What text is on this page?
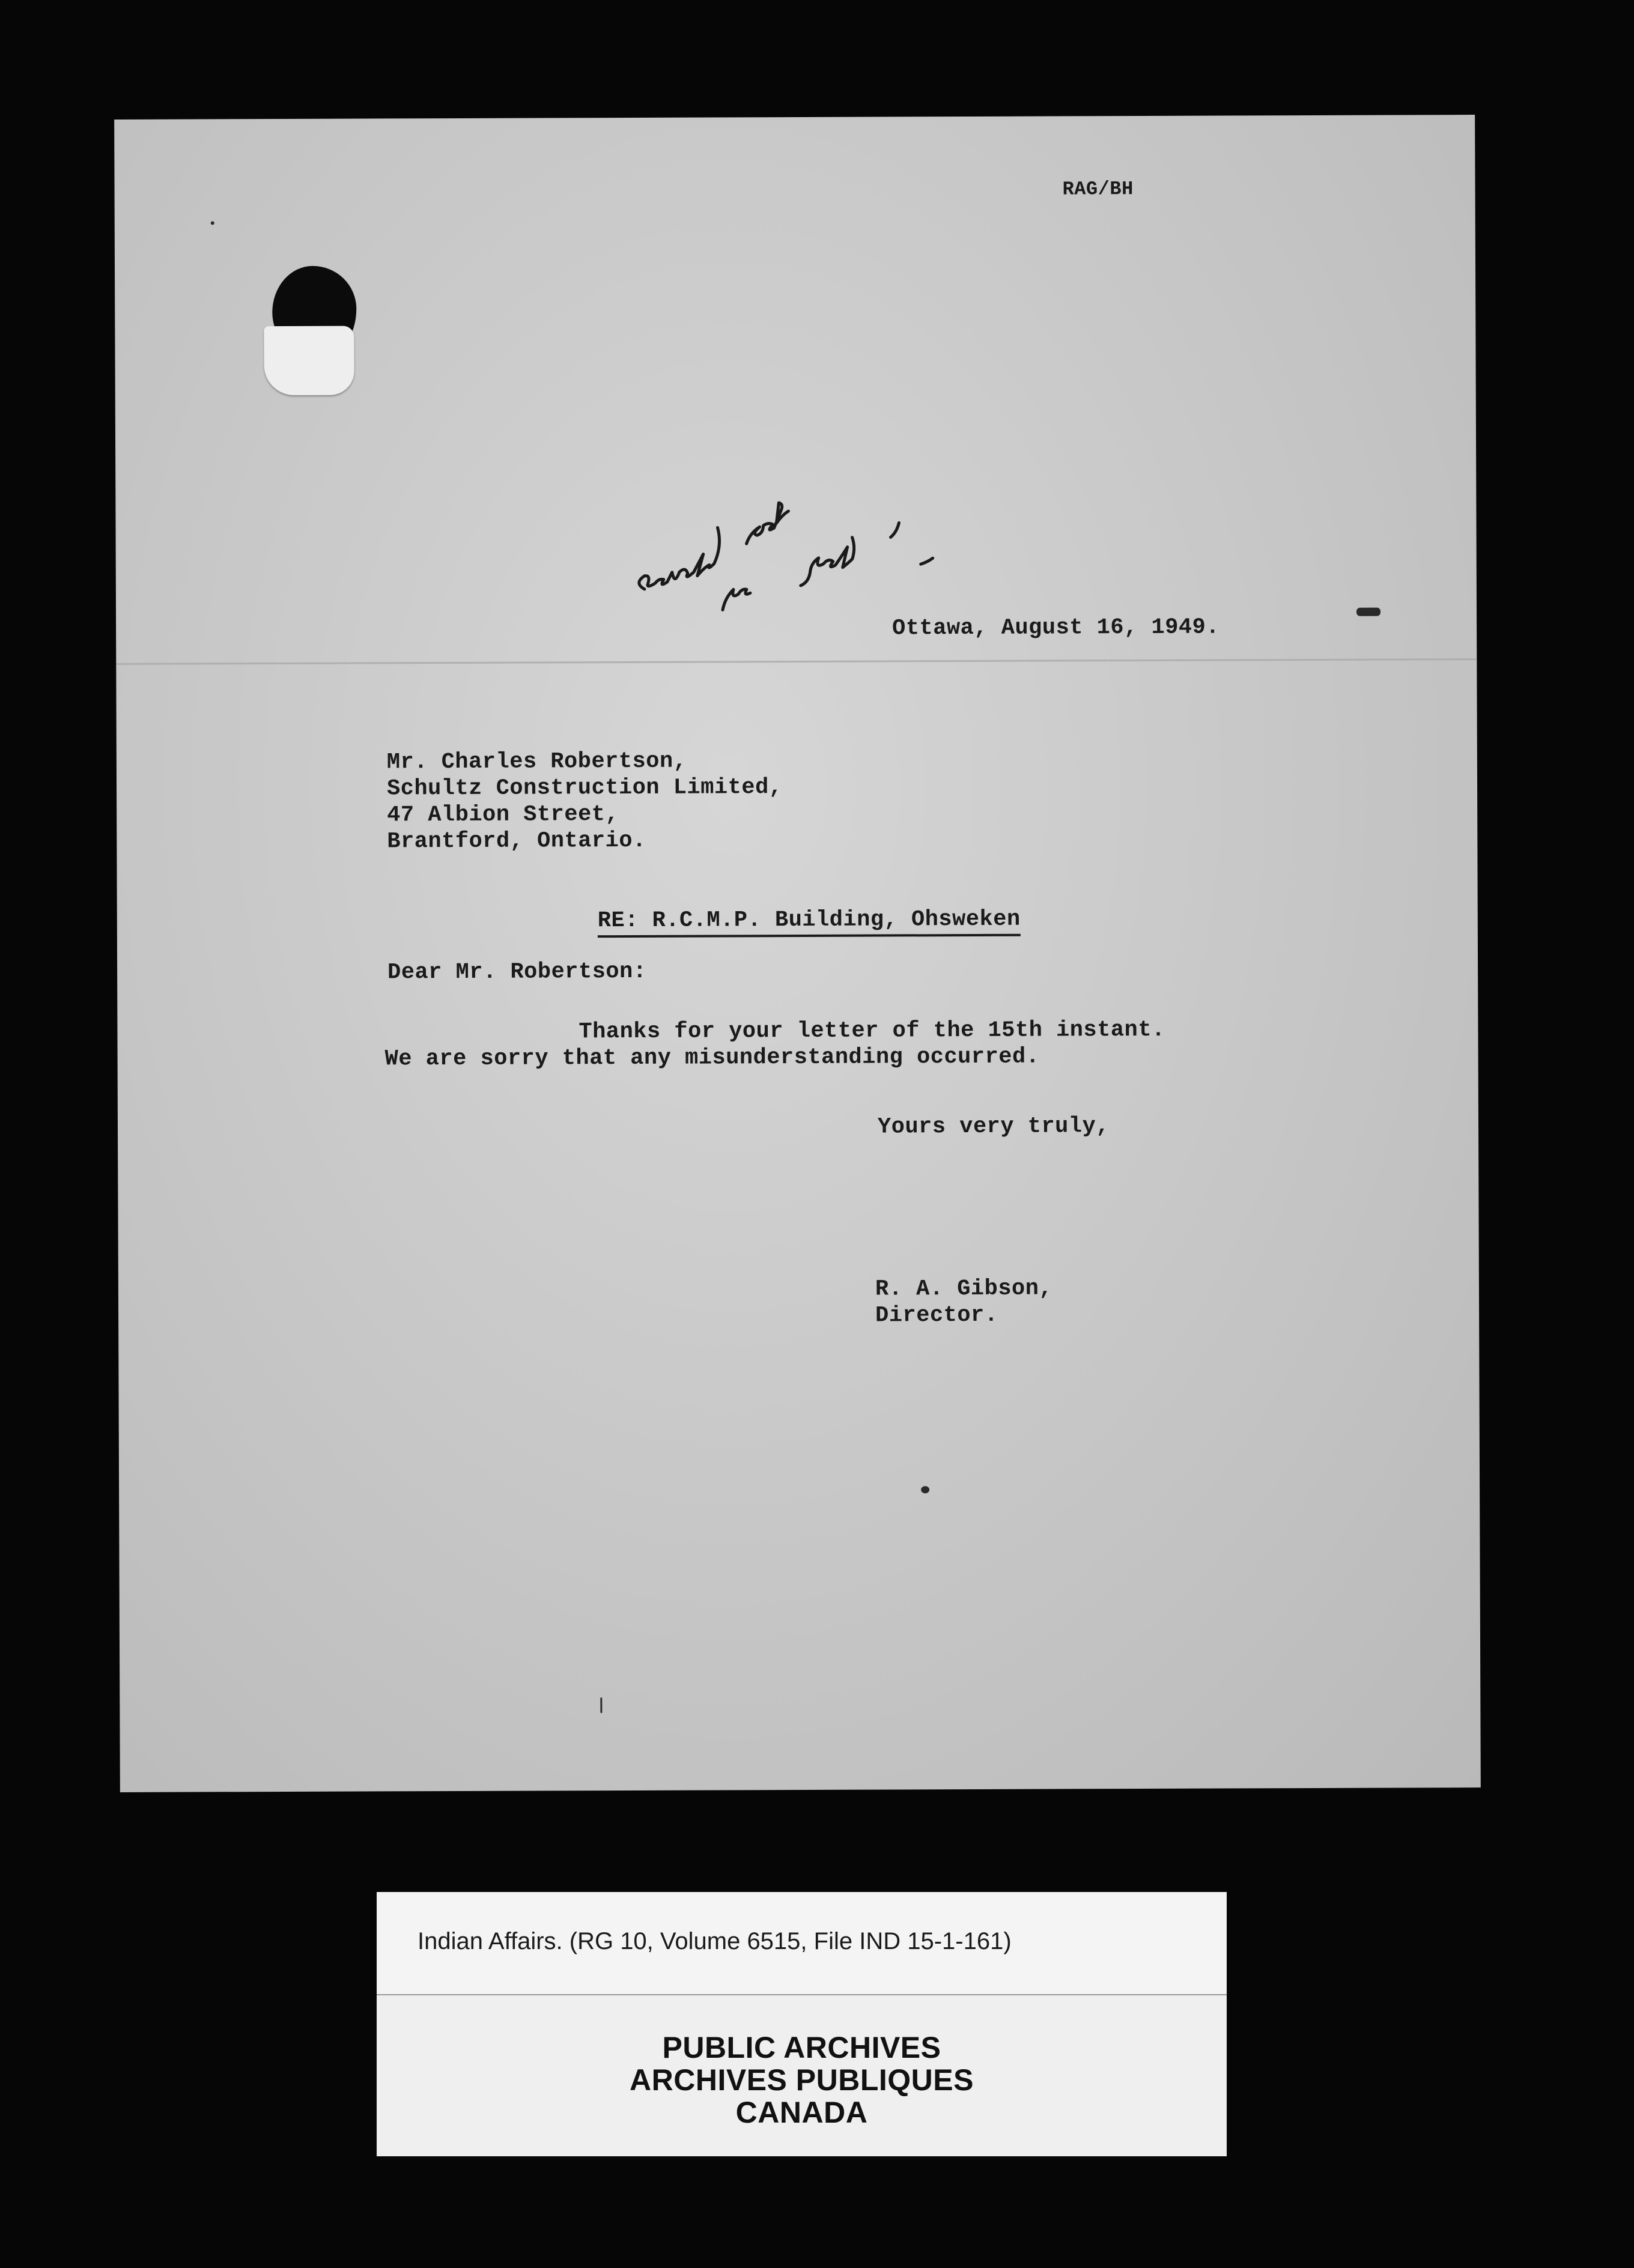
RAG/BH
Ottawa, August 16, 1949.
Mr. Charles Robertson,
Schultz Construction Limited,
47 Albion Street,
Brantford, Ontario.
RE: R.C.M.P. Building, Ohsweken
Dear Mr. Robertson:
Thanks for your letter of the 15th instant.
We are sorry that any misunderstanding occurred.
Yours very truly,
R. A. Gibson,
Director.
Indian Affairs. (RG 10, Volume 6515, File IND 15-1-161)
PUBLIC ARCHIVES
ARCHIVES PUBLIQUES
CANADA
